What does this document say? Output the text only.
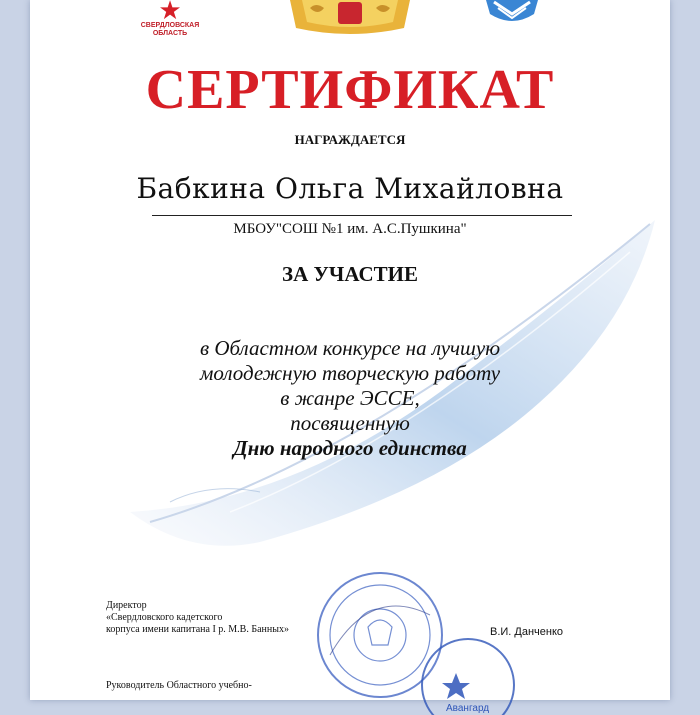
★
СВЕРДЛОВСКАЯ
ОБЛАСТЬ
СЕРТИФИКАТ
НАГРАЖДАЕТСЯ
Бабкина Ольга Михайловна
МБОУ"СОШ №1 им. А.С.Пушкина"
ЗА УЧАСТИЕ
в Областном конкурсе на лучшую
молодежную творческую работу
в жанре ЭССЕ,
посвященную
Дню народного единства
Авангард
Директор
«Свердловского кадетского
корпуса имени капитана I р. М.В. Банных»	В.И. Данченко
Руководитель Областного учебно-
